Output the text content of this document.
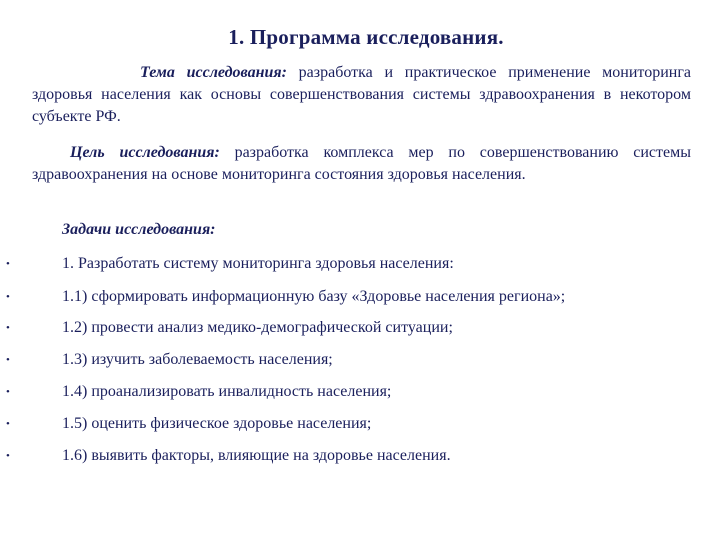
1. Программа исследования.
Тема исследования: разработка и практическое применение мониторинга здоровья населения как основы совершенствования системы здравоохранения в некотором субъекте РФ.
Цель исследования: разработка комплекса мер по совершенствованию системы здравоохранения на основе мониторинга состояния здоровья населения.
Задачи исследования:
•	1. Разработать систему мониторинга здоровья населения:
•	1.1) сформировать информационную базу «Здоровье населения региона»;
•	1.2) провести анализ медико-демографической ситуации;
•	1.3) изучить заболеваемость населения;
•	1.4) проанализировать инвалидность населения;
•	1.5) оценить физическое здоровье населения;
•	1.6) выявить факторы, влияющие на здоровье населения.
